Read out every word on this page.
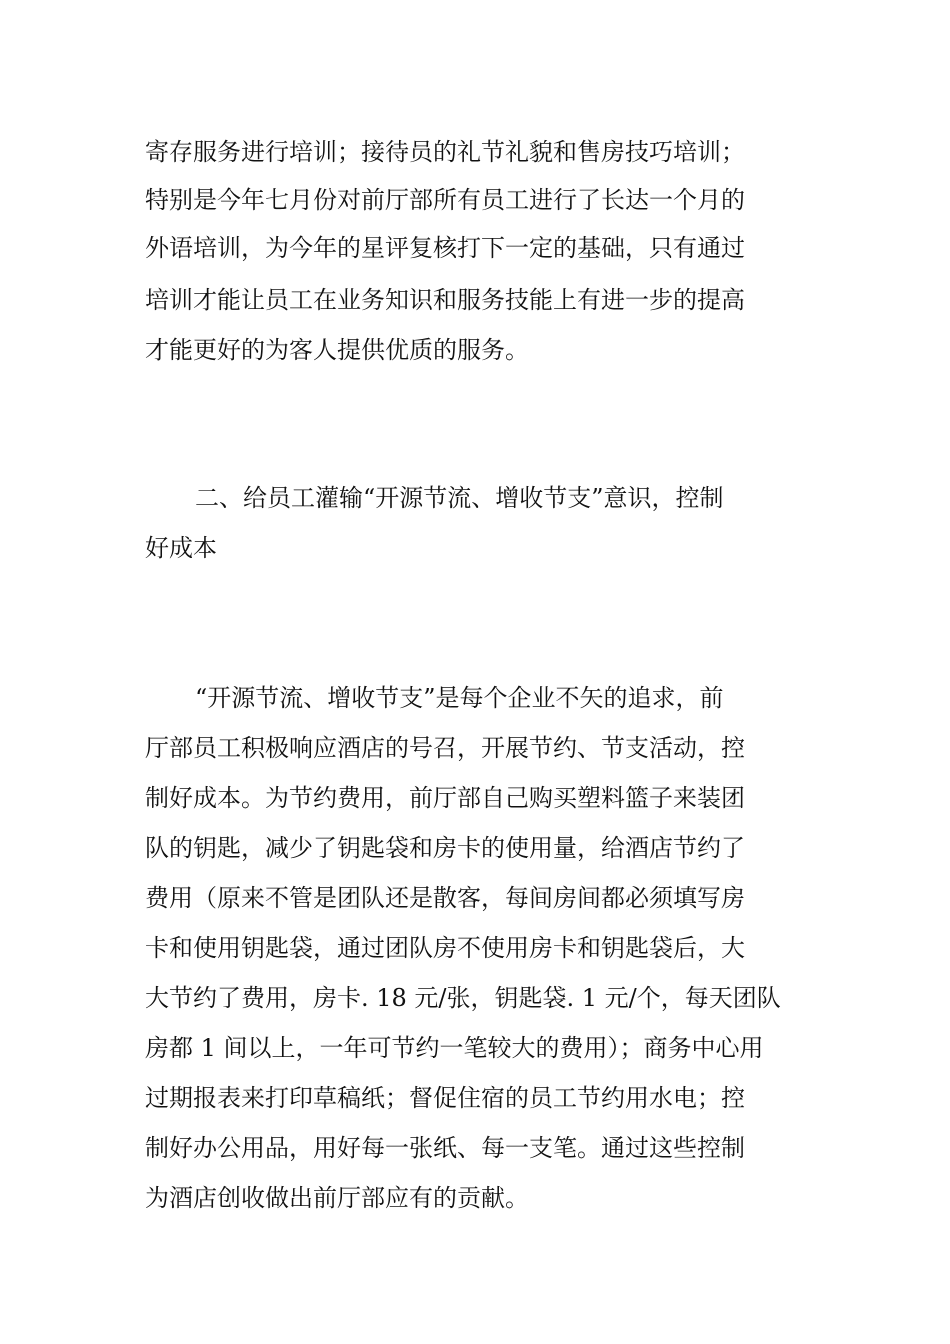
寄存服务进行培训；接待员的礼节礼貌和售房技巧培训；
特别是今年七月份对前厅部所有员工进行了长达一个月的
外语培训，为今年的星评复核打下一定的基础，只有通过
培训才能让员工在业务知识和服务技能上有进一步的提高
才能更好的为客人提供优质的服务。
二、给员工灌输“开源节流、增收节支”意识，控制
好成本
“开源节流、增收节支”是每个企业不矢的追求，前
厅部员工积极响应酒店的号召，开展节约、节支活动，控
制好成本。为节约费用，前厅部自己购买塑料篮子来装团
队的钥匙，减少了钥匙袋和房卡的使用量，给酒店节约了
费用（原来不管是团队还是散客，每间房间都必须填写房
卡和使用钥匙袋，通过团队房不使用房卡和钥匙袋后，大
大节约了费用，房卡. 18 元/张，钥匙袋. 1 元/个，每天团队
房都 1 间以上，一年可节约一笔较大的费用）；商务中心用
过期报表来打印草稿纸；督促住宿的员工节约用水电；控
制好办公用品，用好每一张纸、每一支笔。通过这些控制
为酒店创收做出前厅部应有的贡献。
